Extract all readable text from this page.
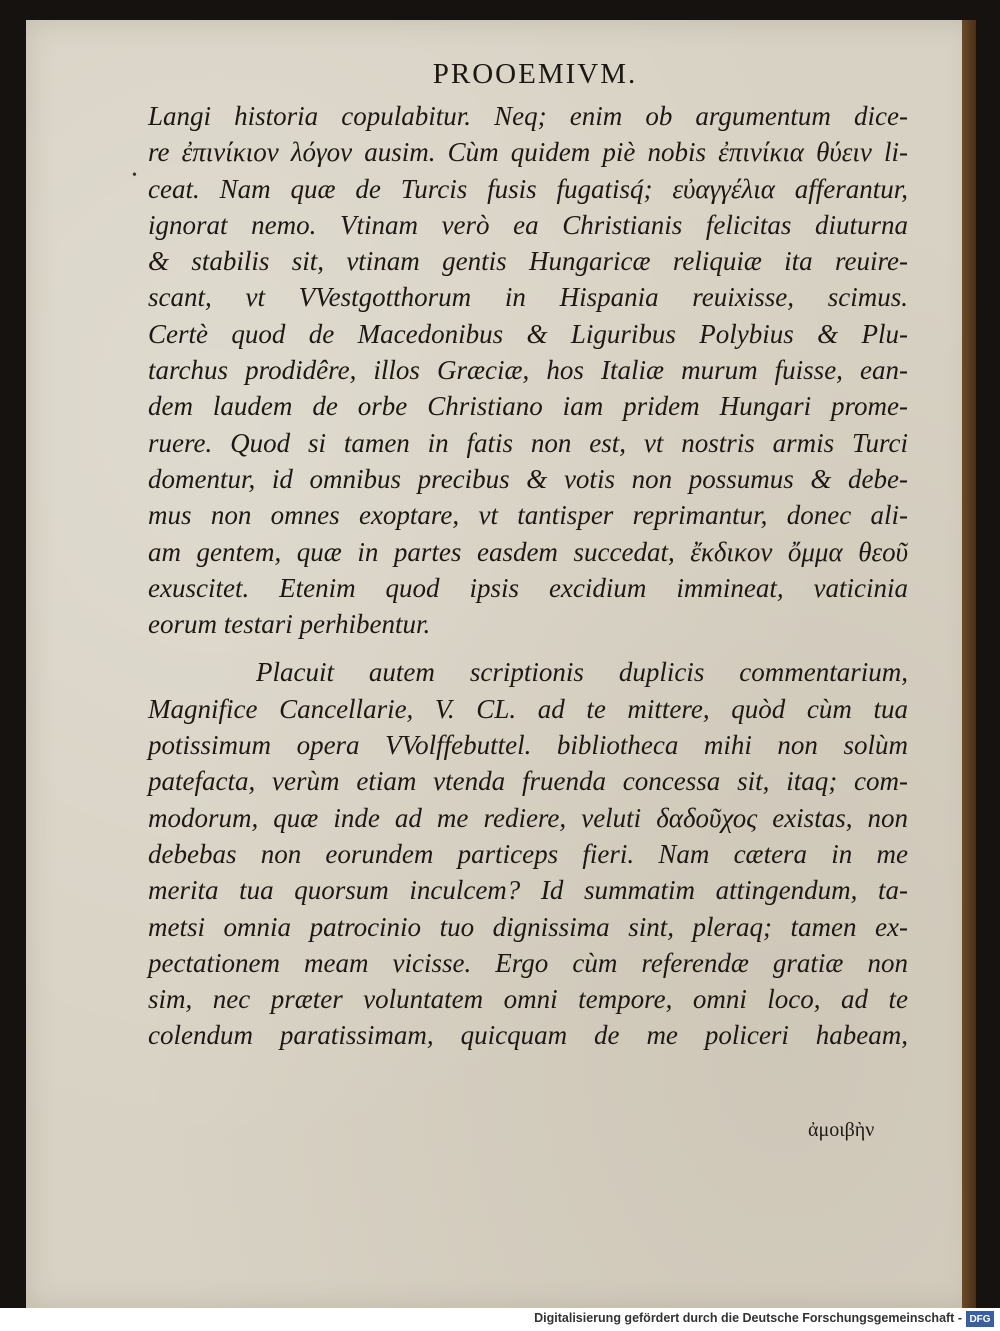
PROOEMIVM.
•
Langi historia copulabitur. Neq; enim ob argumentum dice-
re ἐπινίκιον λόγον ausim. Cùm quidem piè nobis ἐπινίκια θύειν li-
ceat. Nam quæ de Turcis fusis fugatisq́; εὐαγγέλια afferantur,
ignorat nemo. Vtinam verò ea Christianis felicitas diuturna
& stabilis sit, vtinam gentis Hungaricæ reliquiæ ita reuire-
scant, vt VVestgotthorum in Hispania reuixisse, scimus.
Certè quod de Macedonibus & Liguribus Polybius & Plu-
tarchus prodidêre, illos Græciæ, hos Italiæ murum fuisse, ean-
dem laudem de orbe Christiano iam pridem Hungari prome-
ruere. Quod si tamen in fatis non est, vt nostris armis Turci
domentur, id omnibus precibus & votis non possumus & debe-
mus non omnes exoptare, vt tantisper reprimantur, donec ali-
am gentem, quæ in partes easdem succedat, ἔκδικον ὄμμα θεοῦ
exuscitet. Etenim quod ipsis excidium immineat, vaticinia
eorum testari perhibentur.
Placuit autem scriptionis duplicis commentarium,
Magnifice Cancellarie, V. CL. ad te mittere, quòd cùm tua
potissimum opera VVolffebuttel. bibliotheca mihi non solùm
patefacta, verùm etiam vtenda fruenda concessa sit, itaq; com-
modorum, quæ inde ad me rediere, veluti δαδοῦχος existas, non
debebas non eorundem particeps fieri. Nam cætera in me
merita tua quorsum inculcem? Id summatim attingendum, ta-
metsi omnia patrocinio tuo dignissima sint, pleraq; tamen ex-
pectationem meam vicisse. Ergo cùm referendæ gratiæ non
sim, nec præter voluntatem omni tempore, omni loco, ad te
colendum paratissimam, quicquam de me policeri habeam,
ἀμοιβὴν
Digitalisierung gefördert durch die Deutsche Forschungsgemeinschaft - DFG
